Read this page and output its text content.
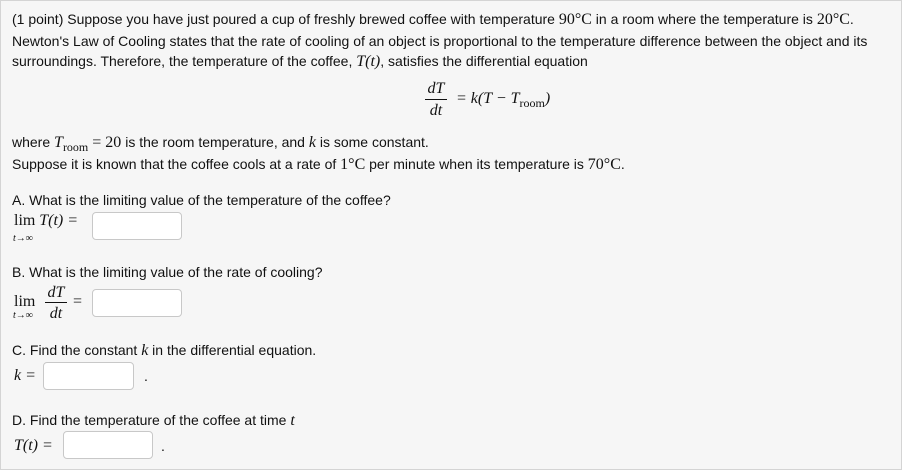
(1 point) Suppose you have just poured a cup of freshly brewed coffee with temperature 90°C in a room where the temperature is 20°C. Newton's Law of Cooling states that the rate of cooling of an object is proportional to the temperature difference between the object and its surroundings. Therefore, the temperature of the coffee, T(t), satisfies the differential equation
dT
dt
= k(T − Troom)
where Troom = 20 is the room temperature, and k is some constant.
Suppose it is known that the coffee cools at a rate of 1°C per minute when its temperature is 70°C.
A. What is the limiting value of the temperature of the coffee?
lim T(t) =
t→∞
B. What is the limiting value of the rate of cooling?
lim
t→∞
dT
dt
=
C. Find the constant k in the differential equation.
k =	.
D. Find the temperature of the coffee at time t
T(t) =	.
